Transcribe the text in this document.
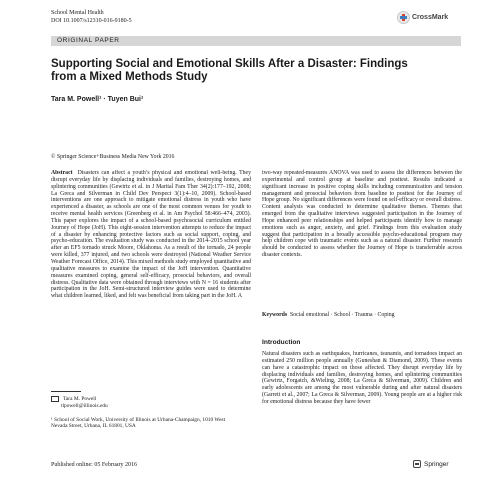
School Mental Health
DOI 10.1007/s12310-016-9180-5	CrossMark
ORIGINAL PAPER
Supporting Social and Emotional Skills After a Disaster: Findings from a Mixed Methods Study
Tara M. Powell¹ · Tuyen Bui¹
© Springer Science+Business Media New York 2016
Abstract Disasters can affect a youth’s physical and emotional well-being. They disrupt everyday life by displacing individuals and families, destroying homes, and splintering communities (Gewirtz et al. in J Marital Fam Ther 34(2):177–192, 2008; La Greca and Silverman in Child Dev Perspect 3(1):4–10, 2009). School-based interventions are one approach to mitigate emotional distress in youth who have experienced a disaster, as schools are one of the most common venues for youth to receive mental health services (Greenberg et al. in Am Psychol 58:466–474, 2003). This paper explores the impact of a school-based psychosocial curriculum entitled Journey of Hope (JoH). This eight-session intervention attempts to reduce the impact of a disaster by enhancing protective factors such as social support, coping, and psycho-education. The evaluation study was conducted in the 2014–2015 school year after an EF5 tornado struck Moore, Oklahoma. As a result of the tornado, 24 people were killed, 377 injured, and two schools were destroyed (National Weather Service Weather Forecast Office, 2014). This mixed methods study employed quantitative and qualitative measures to examine the impact of the JoH intervention. Quantitative measures examined coping, general self-efficacy, prosocial behaviors, and overall distress. Qualitative data were obtained through interviews with N = 16 students after participation in the JoH. Semi-structured interview guides were used to determine what children learned, liked, and felt was beneficial from taking part in the JoH. A
two-way repeated-measures ANOVA was used to assess the differences between the experimental and control group at baseline and posttest. Results indicated a significant increase in positive coping skills including communication and tension management and prosocial behaviors from baseline to posttest for the Journey of Hope group. No significant differences were found on self-efficacy or overall distress. Content analysis was conducted to determine qualitative themes. Themes that emerged from the qualitative interviews suggested participation in the Journey of Hope enhanced peer relationships and helped participants identify how to manage emotions such as anger, anxiety, and grief. Findings from this evaluation study suggest that participation in a broadly accessible psycho-educational program may help children cope with traumatic events such as a natural disaster. Further research should be conducted to assess whether the Journey of Hope is transferrable across disaster contexts.
Keywords Social emotional · School · Trauma · Coping
Introduction
Natural disasters such as earthquakes, hurricanes, tsunamis, and tornadoes impact an estimated 250 million people annually (Guneshan & Diamond, 2009). These events can have a catastrophic impact on those affected. They disrupt everyday life by displacing individuals and families, destroying homes, and splintering communities (Gewirtz, Forgatch, &Wieling, 2008; La Greca & Silverman, 2009). Children and early adolescents are among the most vulnerable during and after natural disasters (Garrett et al., 2007; La Greca & Silverman, 2009). Young people are at a higher risk for emotional distress because they have fewer
Tara M. Powell
tlpowell@illinois.edu
¹ School of Social Work, University of Illinois at Urbana-Champaign, 1010 West Nevada Street, Urbana, IL 61801, USA
Published online: 05 February 2016	Springer
